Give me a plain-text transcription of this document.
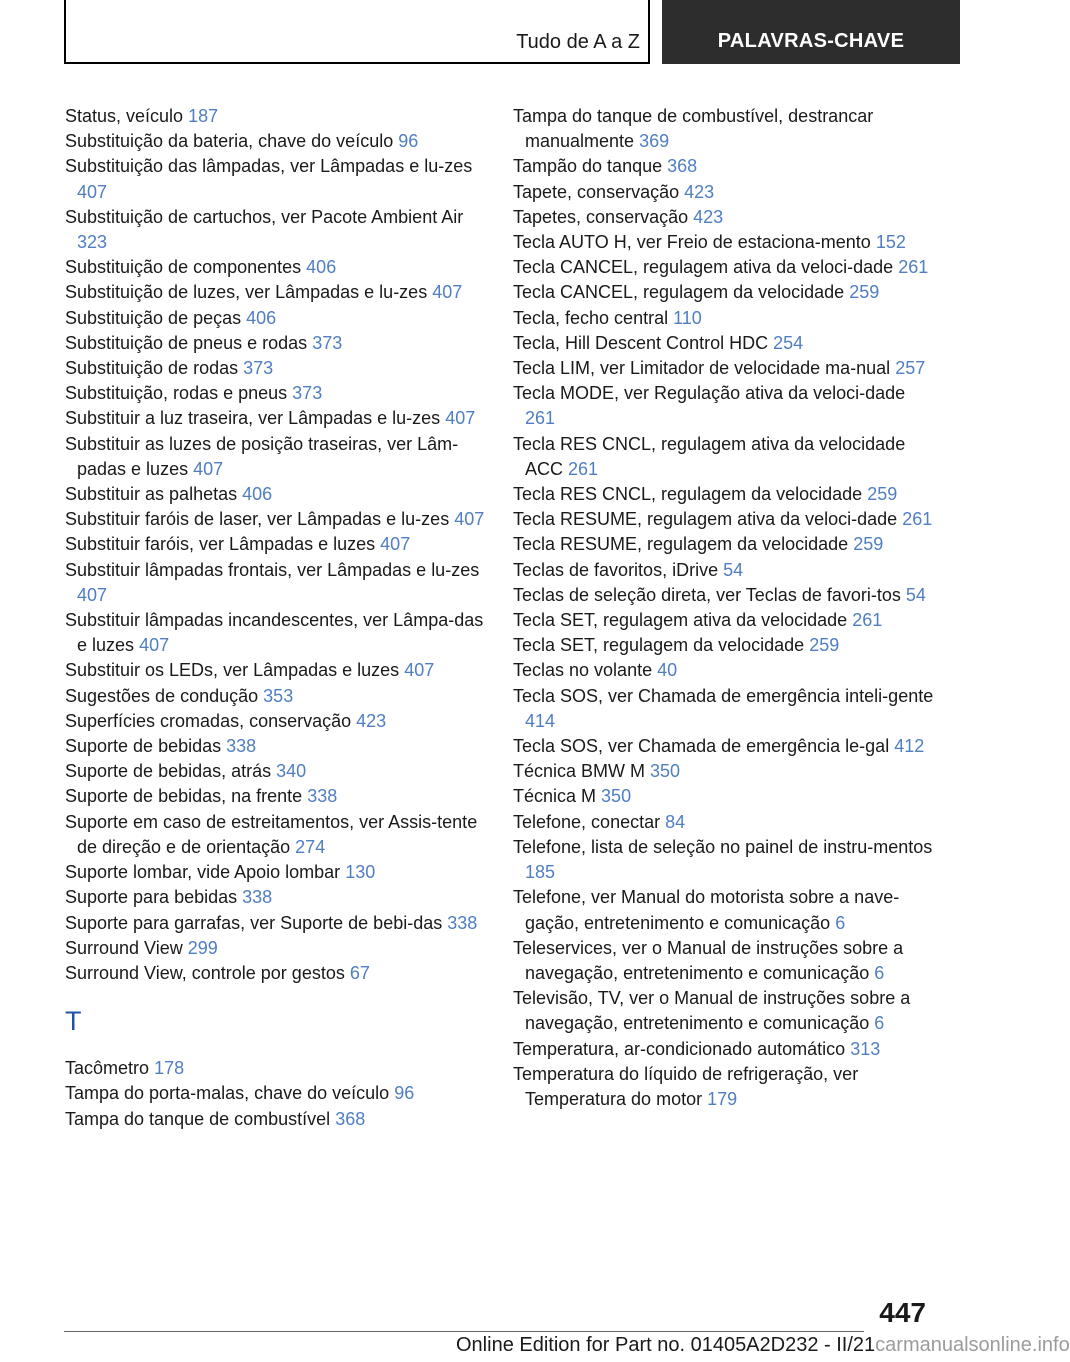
Tudo de A a Z	PALAVRAS-CHAVE
Status, veículo 187
Substituição da bateria, chave do veículo 96
Substituição das lâmpadas, ver Lâmpadas e lu‐zes 407
Substituição de cartuchos, ver Pacote Ambient Air 323
Substituição de componentes 406
Substituição de luzes, ver Lâmpadas e lu‐zes 407
Substituição de peças 406
Substituição de pneus e rodas 373
Substituição de rodas 373
Substituição, rodas e pneus 373
Substituir a luz traseira, ver Lâmpadas e lu‐zes 407
Substituir as luzes de posição traseiras, ver Lâm‐padas e luzes 407
Substituir as palhetas 406
Substituir faróis de laser, ver Lâmpadas e lu‐zes 407
Substituir faróis, ver Lâmpadas e luzes 407
Substituir lâmpadas frontais, ver Lâmpadas e lu‐zes 407
Substituir lâmpadas incandescentes, ver Lâmpa‐das e luzes 407
Substituir os LEDs, ver Lâmpadas e luzes 407
Sugestões de condução 353
Superfícies cromadas, conservação 423
Suporte de bebidas 338
Suporte de bebidas, atrás 340
Suporte de bebidas, na frente 338
Suporte em caso de estreitamentos, ver Assis‐tente de direção e de orientação 274
Suporte lombar, vide Apoio lombar 130
Suporte para bebidas 338
Suporte para garrafas, ver Suporte de bebi‐das 338
Surround View 299
Surround View, controle por gestos 67
T
Tacômetro 178
Tampa do porta-malas, chave do veículo 96
Tampa do tanque de combustível 368
Tampa do tanque de combustível, destrancar manualmente 369
Tampão do tanque 368
Tapete, conservação 423
Tapetes, conservação 423
Tecla AUTO H, ver Freio de estaciona‐mento 152
Tecla CANCEL, regulagem ativa da veloci‐dade 261
Tecla CANCEL, regulagem da velocidade 259
Tecla, fecho central 110
Tecla, Hill Descent Control HDC 254
Tecla LIM, ver Limitador de velocidade ma‐nual 257
Tecla MODE, ver Regulação ativa da veloci‐dade 261
Tecla RES CNCL, regulagem ativa da velocidade ACC 261
Tecla RES CNCL, regulagem da velocidade 259
Tecla RESUME, regulagem ativa da veloci‐dade 261
Tecla RESUME, regulagem da velocidade 259
Teclas de favoritos, iDrive 54
Teclas de seleção direta, ver Teclas de favori‐tos 54
Tecla SET, regulagem ativa da velocidade 261
Tecla SET, regulagem da velocidade 259
Teclas no volante 40
Tecla SOS, ver Chamada de emergência inteli‐gente 414
Tecla SOS, ver Chamada de emergência le‐gal 412
Técnica BMW M 350
Técnica M 350
Telefone, conectar 84
Telefone, lista de seleção no painel de instru‐mentos 185
Telefone, ver Manual do motorista sobre a nave‐gação, entretenimento e comunicação 6
Teleservices, ver o Manual de instruções sobre a navegação, entretenimento e comunicação 6
Televisão, TV, ver o Manual de instruções sobre a navegação, entretenimento e comunicação 6
Temperatura, ar-condicionado automático 313
Temperatura do líquido de refrigeração, ver Temperatura do motor 179
447
Online Edition for Part no. 01405A2D232 - II/21carmanualsonline.info
